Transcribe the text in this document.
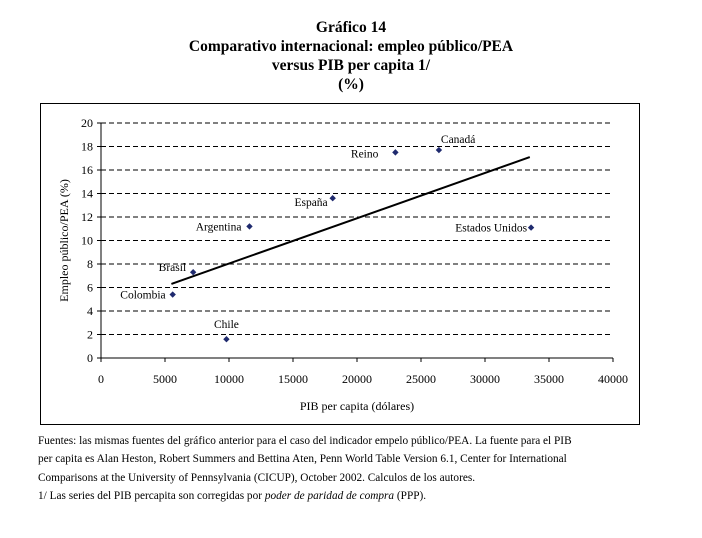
Gráfico 14
Comparativo internacional: empleo público/PEA
versus PIB per capita 1/
(%)
0
2
4
6
8
10
12
14
16
18
20
0	5000	10000	15000	20000	25000	30000	35000	40000
PIB per capita (dólares)
Empleo público/PEA (%)	Colombia
Brasil
Chile
Argentina
España
Reino
Canadá
Estados Unidos
Fuentes: las mismas fuentes del gráfico anterior para el caso del indicador empelo público/PEA. La fuente para el PIB
per capita es Alan Heston, Robert Summers and Bettina Aten, Penn World Table Version 6.1, Center for International
Comparisons at the University of Pennsylvania (CICUP), October 2002. Calculos de los autores.
1/ Las series del PIB percapita son corregidas por poder de paridad de compra (PPP).
